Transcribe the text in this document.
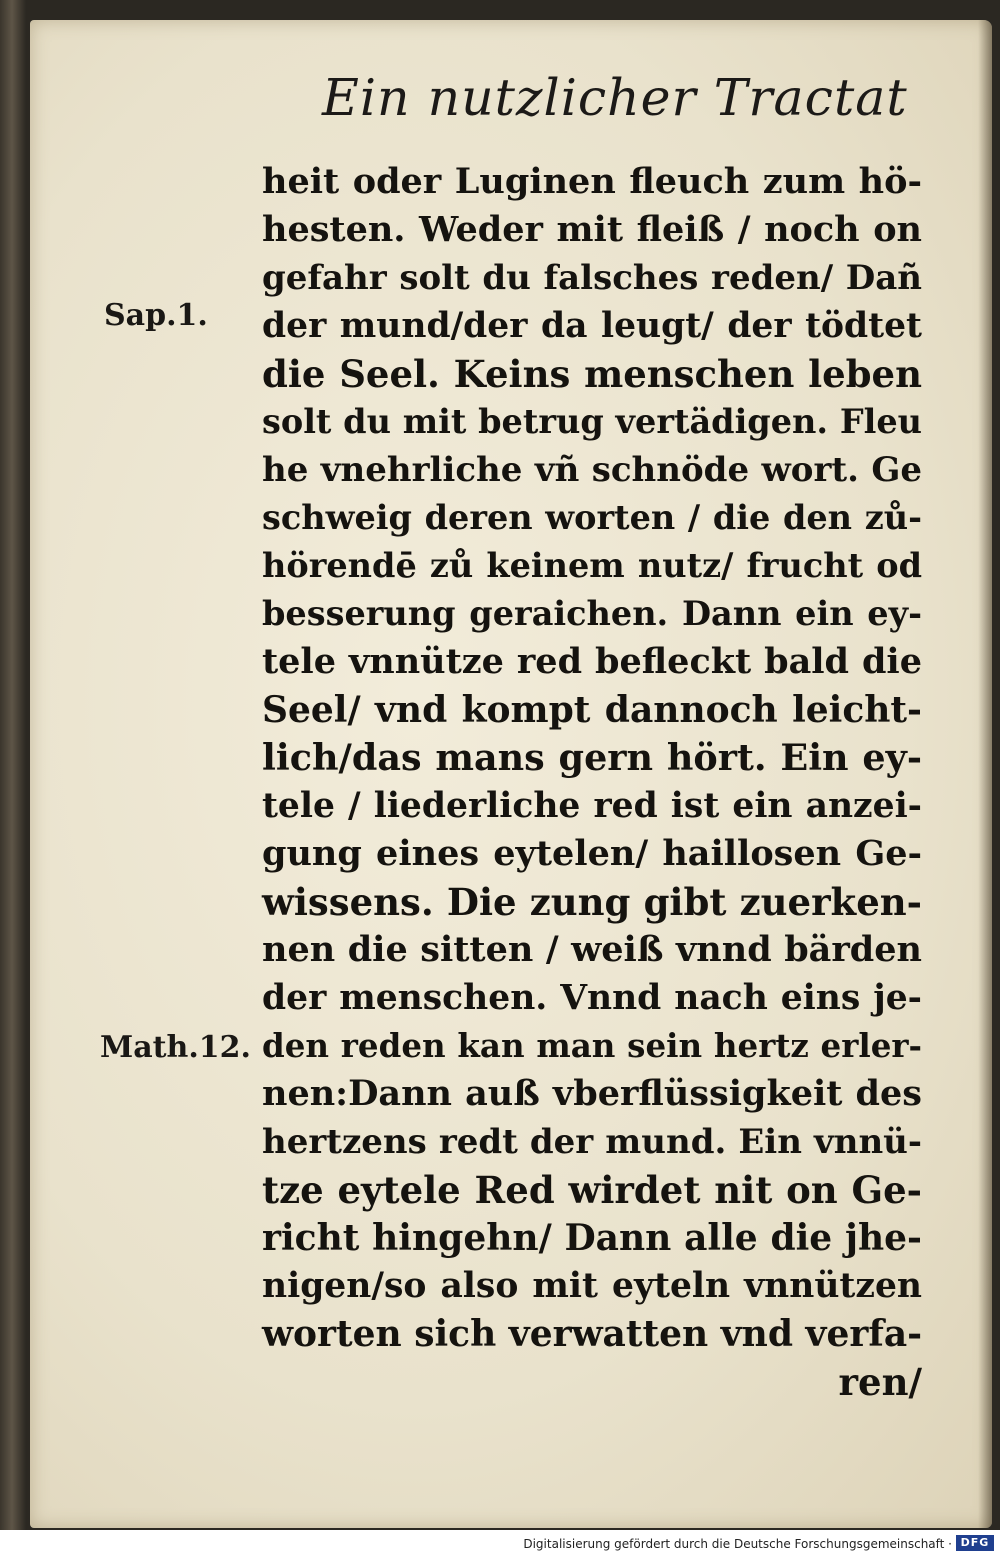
Ein nutzlicher Tractat
Sap.1.
Math.12.
heit oder Luginen fleuch zum hö-
hesten. Weder mit fleiß / noch on
gefahr solt du falsches reden/ Dañ
der mund/der da leugt/ der tödtet
die Seel. Keins menschen leben
solt du mit betrug vertädigen. Fleu
he vnehrliche vñ schnöde wort. Ge
schweig deren worten / die den zů-
hörendē zů keinem nutz/ frucht od
besserung geraichen. Dann ein ey-
tele vnnütze red befleckt bald die
Seel/ vnd kompt dannoch leicht-
lich/das mans gern hört. Ein ey-
tele / liederliche red ist ein anzei-
gung eines eytelen/ haillosen Ge-
wissens. Die zung gibt zuerken-
nen die sitten / weiß vnnd bärden
der menschen. Vnnd nach eins je-
den reden kan man sein hertz erler-
nen:Dann auß vberflüssigkeit des
hertzens redt der mund. Ein vnnü-
tze eytele Red wirdet nit on Ge-
richt hingehn/ Dann alle die jhe-
nigen/so also mit eyteln vnnützen
worten sich verwatten vnd verfa-
ren/
Digitalisierung gefördert durch die Deutsche Forschungsgemeinschaft · DFG
